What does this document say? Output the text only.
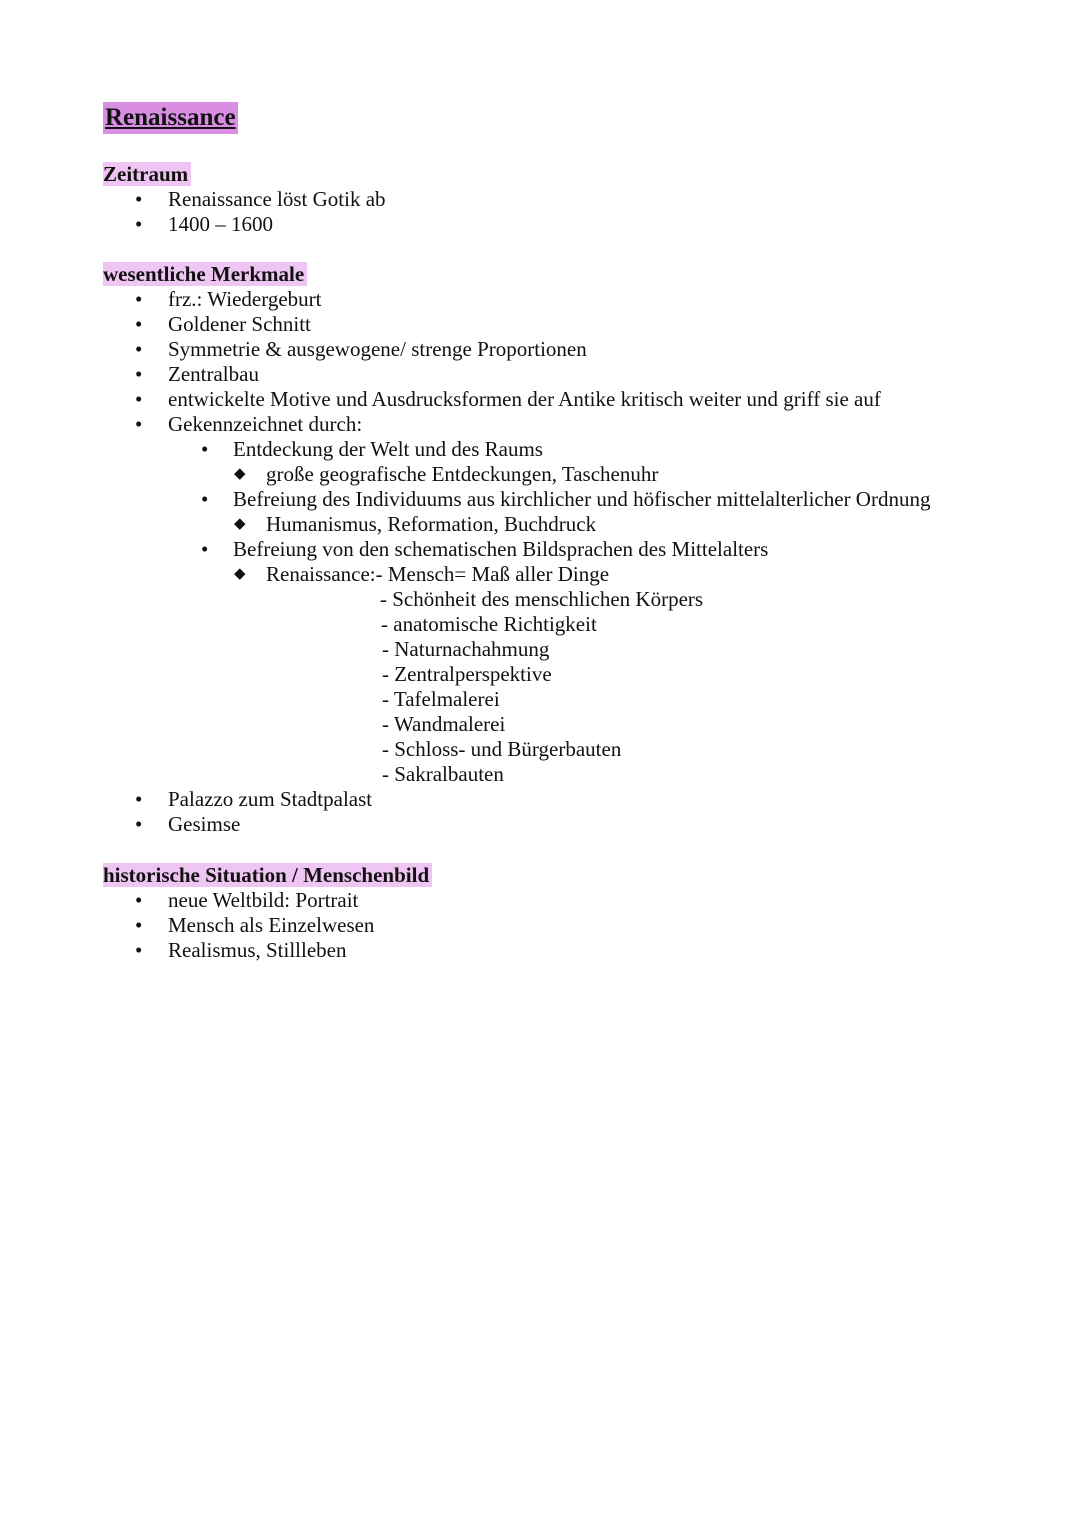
Renaissance
Zeitraum
• Renaissance löst Gotik ab
• 1400 – 1600
wesentliche Merkmale
• frz.: Wiedergeburt
• Goldener Schnitt
• Symmetrie & ausgewogene/ strenge Proportionen
• Zentralbau
• entwickelte Motive und Ausdrucksformen der Antike kritisch weiter und griff sie auf
• Gekennzeichnet durch:
• Entdeckung der Welt und des Raums
◆ große geografische Entdeckungen, Taschenuhr
• Befreiung des Individuums aus kirchlicher und höfischer mittelalterlicher Ordnung
◆ Humanismus, Reformation, Buchdruck
• Befreiung von den schematischen Bildsprachen des Mittelalters
◆ Renaissance:- Mensch= Maß aller Dinge
- Schönheit des menschlichen Körpers
- anatomische Richtigkeit
- Naturnachahmung
- Zentralperspektive
- Tafelmalerei
- Wandmalerei
- Schloss- und Bürgerbauten
- Sakralbauten
• Palazzo zum Stadtpalast
• Gesimse
historische Situation / Menschenbild
• neue Weltbild: Portrait
• Mensch als Einzelwesen
• Realismus, Stillleben
